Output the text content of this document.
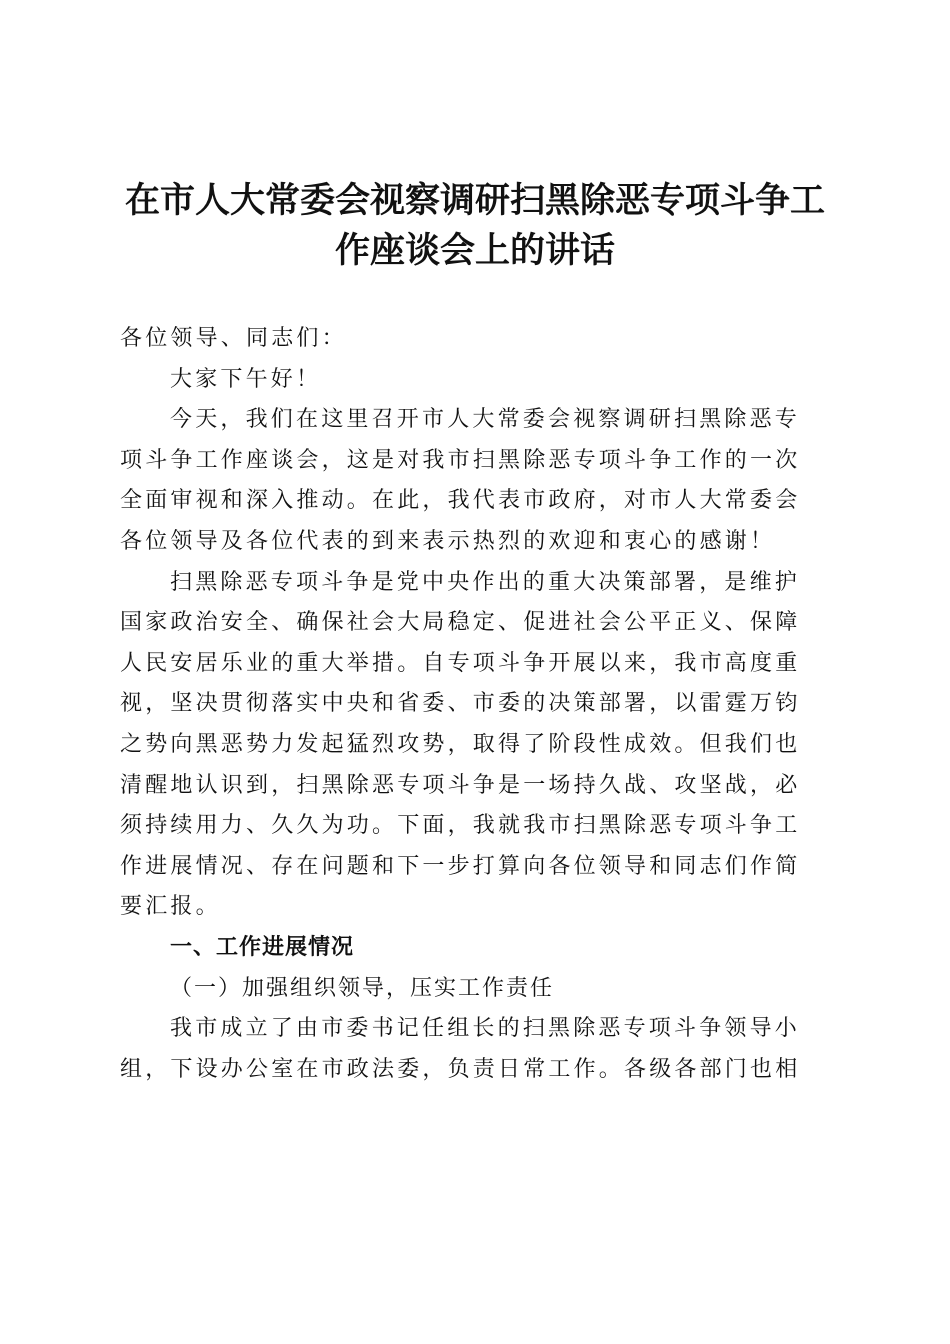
在市人大常委会视察调研扫黑除恶专项斗争工
作座谈会上的讲话
各位领导、同志们：
大家下午好！
今天，我们在这里召开市人大常委会视察调研扫黑除恶专
项斗争工作座谈会，这是对我市扫黑除恶专项斗争工作的一次
全面审视和深入推动。在此，我代表市政府，对市人大常委会
各位领导及各位代表的到来表示热烈的欢迎和衷心的感谢！
扫黑除恶专项斗争是党中央作出的重大决策部署，是维护
国家政治安全、确保社会大局稳定、促进社会公平正义、保障
人民安居乐业的重大举措。自专项斗争开展以来，我市高度重
视，坚决贯彻落实中央和省委、市委的决策部署，以雷霆万钧
之势向黑恶势力发起猛烈攻势，取得了阶段性成效。但我们也
清醒地认识到，扫黑除恶专项斗争是一场持久战、攻坚战，必
须持续用力、久久为功。下面，我就我市扫黑除恶专项斗争工
作进展情况、存在问题和下一步打算向各位领导和同志们作简
要汇报。
一、工作进展情况
（一）加强组织领导，压实工作责任
我市成立了由市委书记任组长的扫黑除恶专项斗争领导小
组，下设办公室在市政法委，负责日常工作。各级各部门也相
